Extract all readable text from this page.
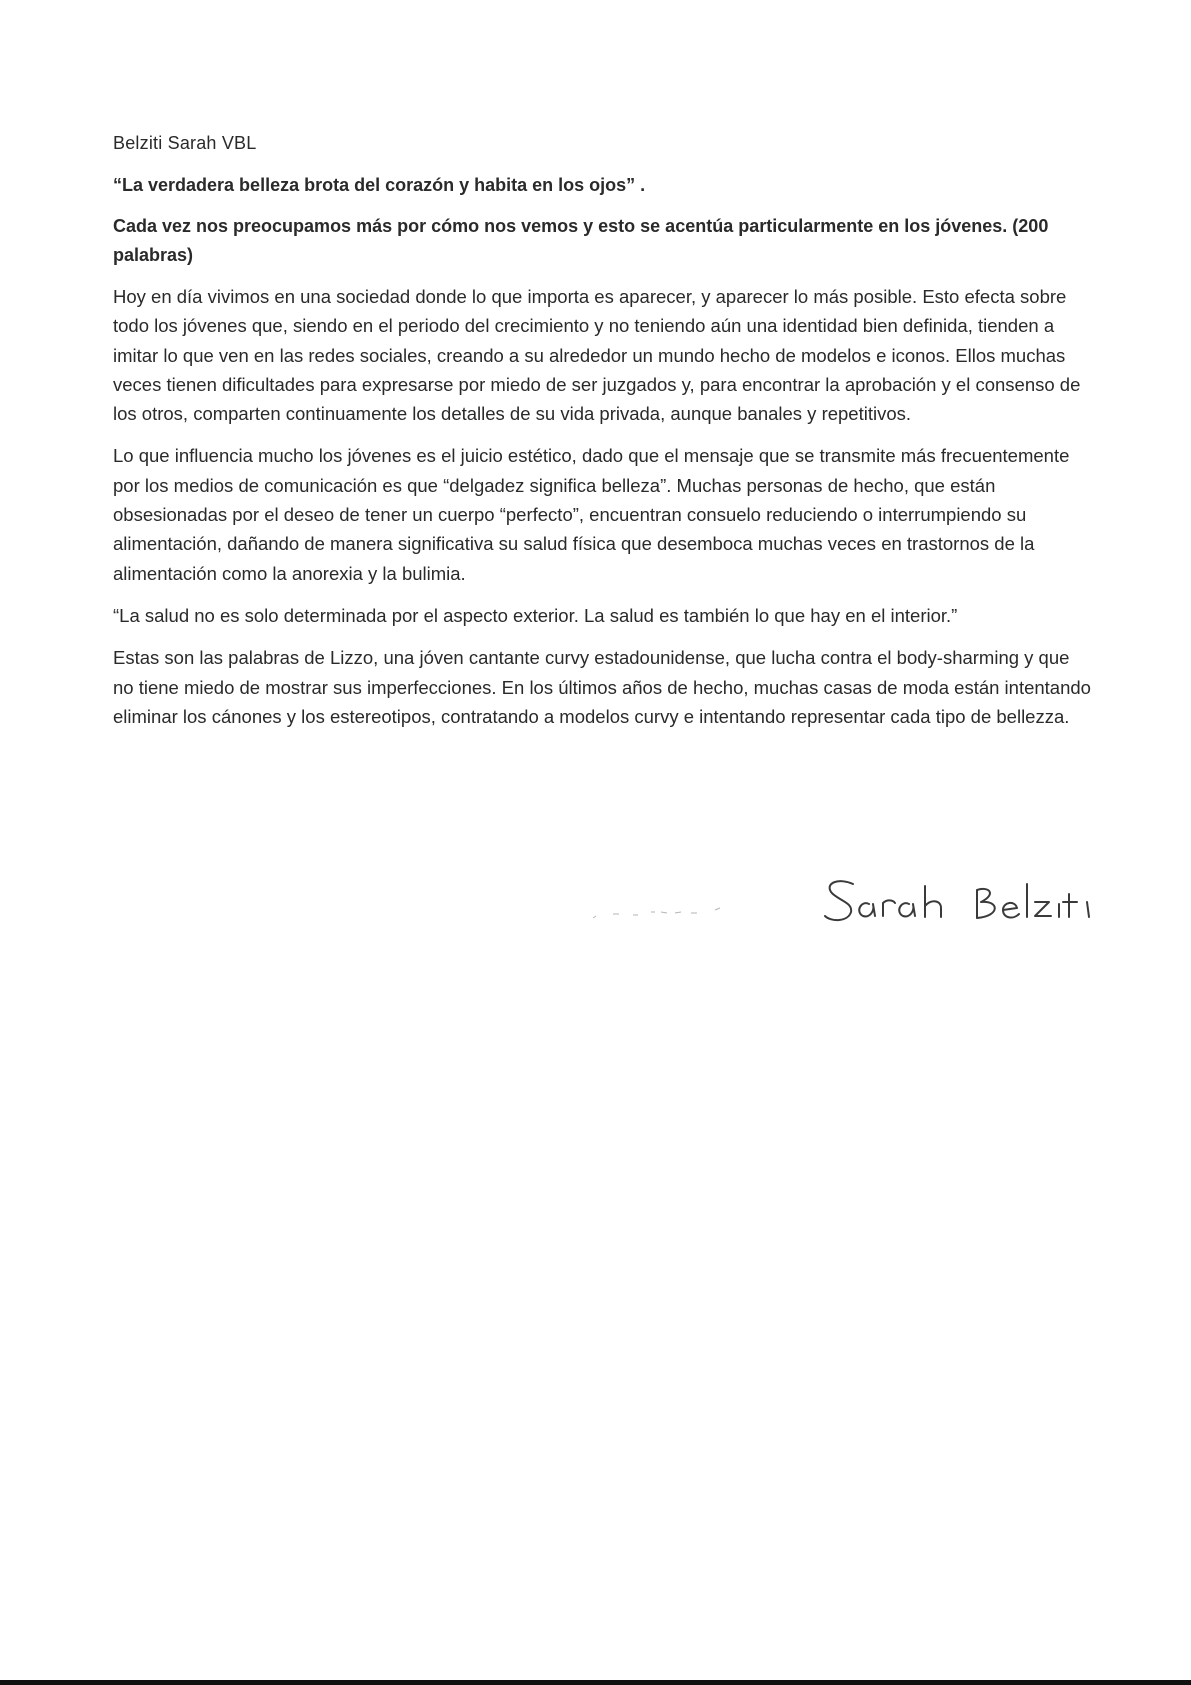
Belziti Sarah VBL

“La verdadera belleza brota del corazón y habita en los ojos” .

Cada vez nos preocupamos más por cómo nos vemos y esto se acentúa particularmente en los jóvenes. (200 palabras)

Hoy en día vivimos en una sociedad donde lo que importa es aparecer, y aparecer lo más posible. Esto efecta sobre todo los jóvenes que, siendo en el periodo del crecimiento y no teniendo aún una identidad bien definida, tienden a imitar lo que ven en las redes sociales, creando a su alrededor un mundo hecho de modelos e iconos. Ellos muchas veces tienen dificultades para expresarse por miedo de ser juzgados y, para encontrar la aprobación y el consenso de los otros, comparten continuamente los detalles de su vida privada, aunque banales y repetitivos.

Lo que influencia mucho los jóvenes es el juicio estético, dado que el mensaje que se transmite más frecuentemente por los medios de comunicación es que “delgadez significa belleza”. Muchas personas de hecho, que están obsesionadas por el deseo de tener un cuerpo “perfecto”, encuentran consuelo reduciendo o interrumpiendo su alimentación, dañando de manera significativa su salud física que desemboca muchas veces en trastornos de la alimentación como la anorexia y la bulimia.

“La salud no es solo determinada por el aspecto exterior. La salud es también lo que hay en el interior.”

Estas son las palabras de Lizzo, una jóven cantante curvy estadounidense, que lucha contra el body-sharming y que no tiene miedo de mostrar sus imperfecciones. En los últimos años de hecho, muchas casas de moda están intentando eliminar los cánones y los estereotipos, contratando a modelos curvy e intentando representar cada tipo de bellezza.
